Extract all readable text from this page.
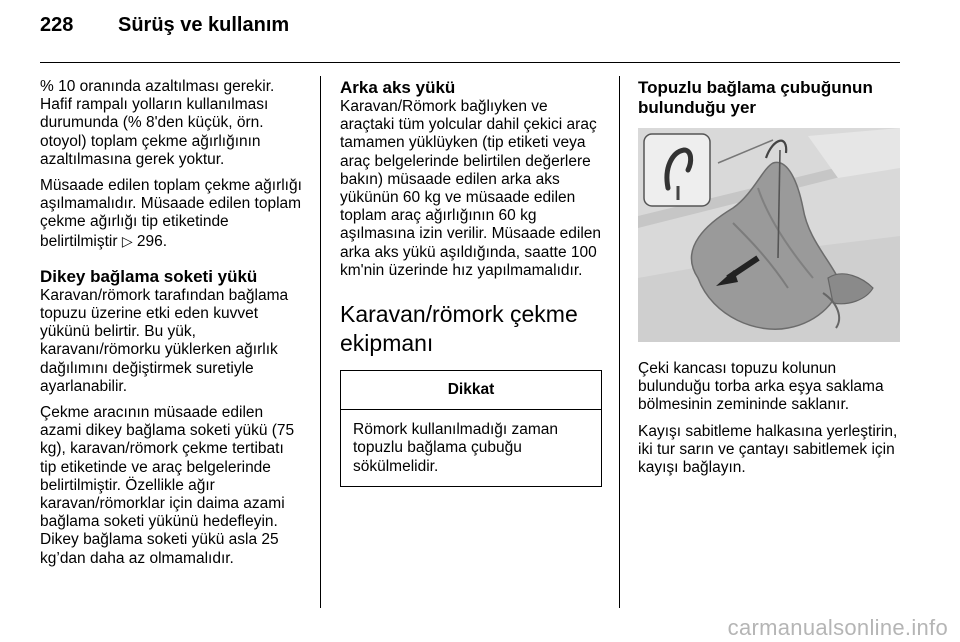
228 Sürüş ve kullanım

% 10 oranında azaltılması gerekir. Hafif rampalı yolların kullanılması durumunda (% 8'den küçük, örn. otoyol) toplam çekme ağırlığının azaltılmasına gerek yoktur.

Müsaade edilen toplam çekme ağırlığı aşılmamalıdır. Müsaade edilen toplam çekme ağırlığı tip etiketinde belirtilmiştir ▷ 296.

Dikey bağlama soketi yükü

Karavan/römork tarafından bağlama topuzu üzerine etki eden kuvvet yükünü belirtir. Bu yük, karavanı/römorku yüklerken ağırlık dağılımını değiştirmek suretiyle ayarlanabilir.

Çekme aracının müsaade edilen azami dikey bağlama soketi yükü (75 kg), karavan/römork çekme tertibatı tip etiketinde ve araç belgelerinde belirtilmiştir. Özellikle ağır karavan/römorklar için daima azami bağlama soketi yükünü hedefleyin. Dikey bağlama soketi yükü asla 25 kg’dan daha az olmamalıdır.

Arka aks yükü

Karavan/Römork bağlıyken ve araçtaki tüm yolcular dahil çekici araç tamamen yüklüyken (tip etiketi veya araç belgelerinde belirtilen değerlere bakın) müsaade edilen arka aks yükünün 60 kg ve müsaade edilen toplam araç ağırlığının 60 kg aşılmasına izin verilir. Müsaade edilen arka aks yükü aşıldığında, saatte 100 km'nin üzerinde hız yapılmamalıdır.

Karavan/römork çekme ekipmanı
Dikkat
Römork kullanılmadığı zaman topuzlu bağlama çubuğu sökülmelidir.
Topuzlu bağlama çubuğunun bulunduğu yer

Çeki kancası topuzu kolunun bulunduğu torba arka eşya saklama bölmesinin zemininde saklanır.

Kayışı sabitleme halkasına yerleştirin, iki tur sarın ve çantayı sabitlemek için kayışı bağlayın.

carmanualsonline.info
